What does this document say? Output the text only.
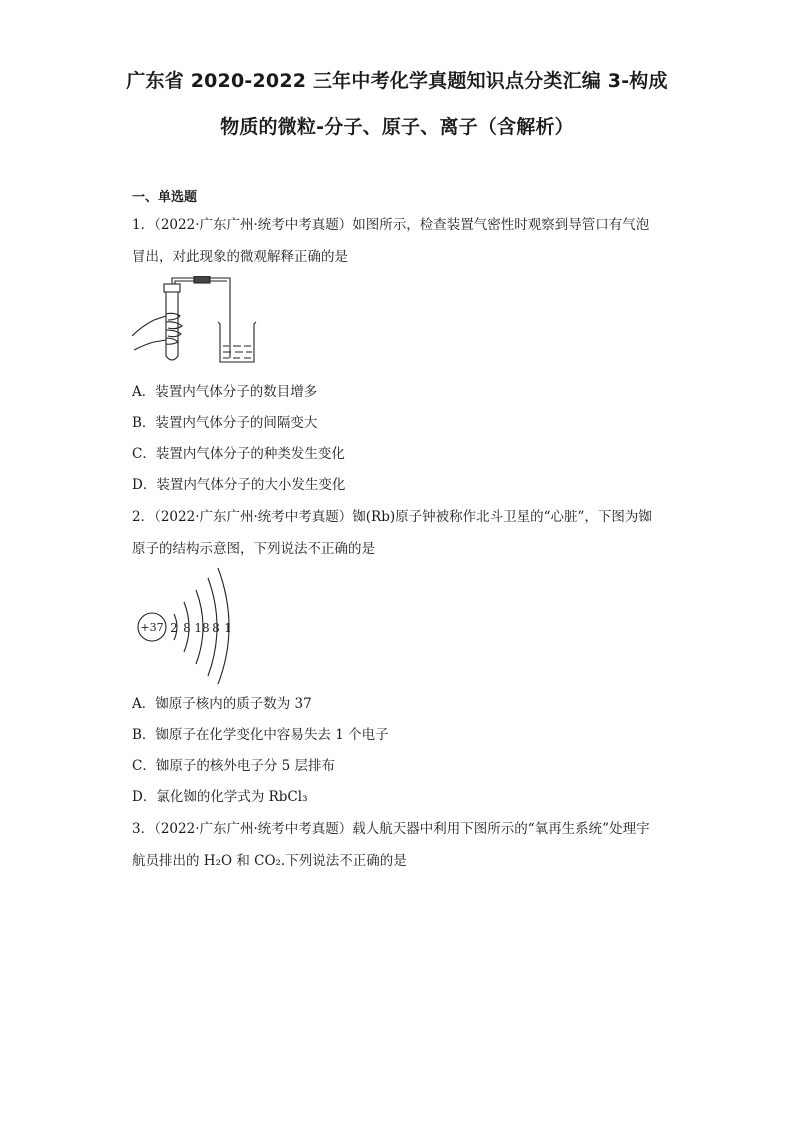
广东省 2020-2022 三年中考化学真题知识点分类汇编 3-构成
物质的微粒-分子、原子、离子（含解析）
一、单选题
1．（2022·广东广州·统考中考真题）如图所示，检查装置气密性时观察到导管口有气泡
冒出，对此现象的微观解释正确的是
A．装置内气体分子的数目增多
B．装置内气体分子的间隔变大
C．装置内气体分子的种类发生变化
D．装置内气体分子的大小发生变化
2．（2022·广东广州·统考中考真题）铷(Rb)原子钟被称作北斗卫星的“心脏”，下图为铷
原子的结构示意图，下列说法不正确的是
+37 2 8 18 8 1
A．铷原子核内的质子数为 37
B．铷原子在化学变化中容易失去 1 个电子
C．铷原子的核外电子分 5 层排布
D．氯化铷的化学式为 RbCl₃
3．（2022·广东广州·统考中考真题）载人航天器中利用下图所示的“氧再生系统”处理宇
航员排出的 H₂O 和 CO₂.下列说法不正确的是
